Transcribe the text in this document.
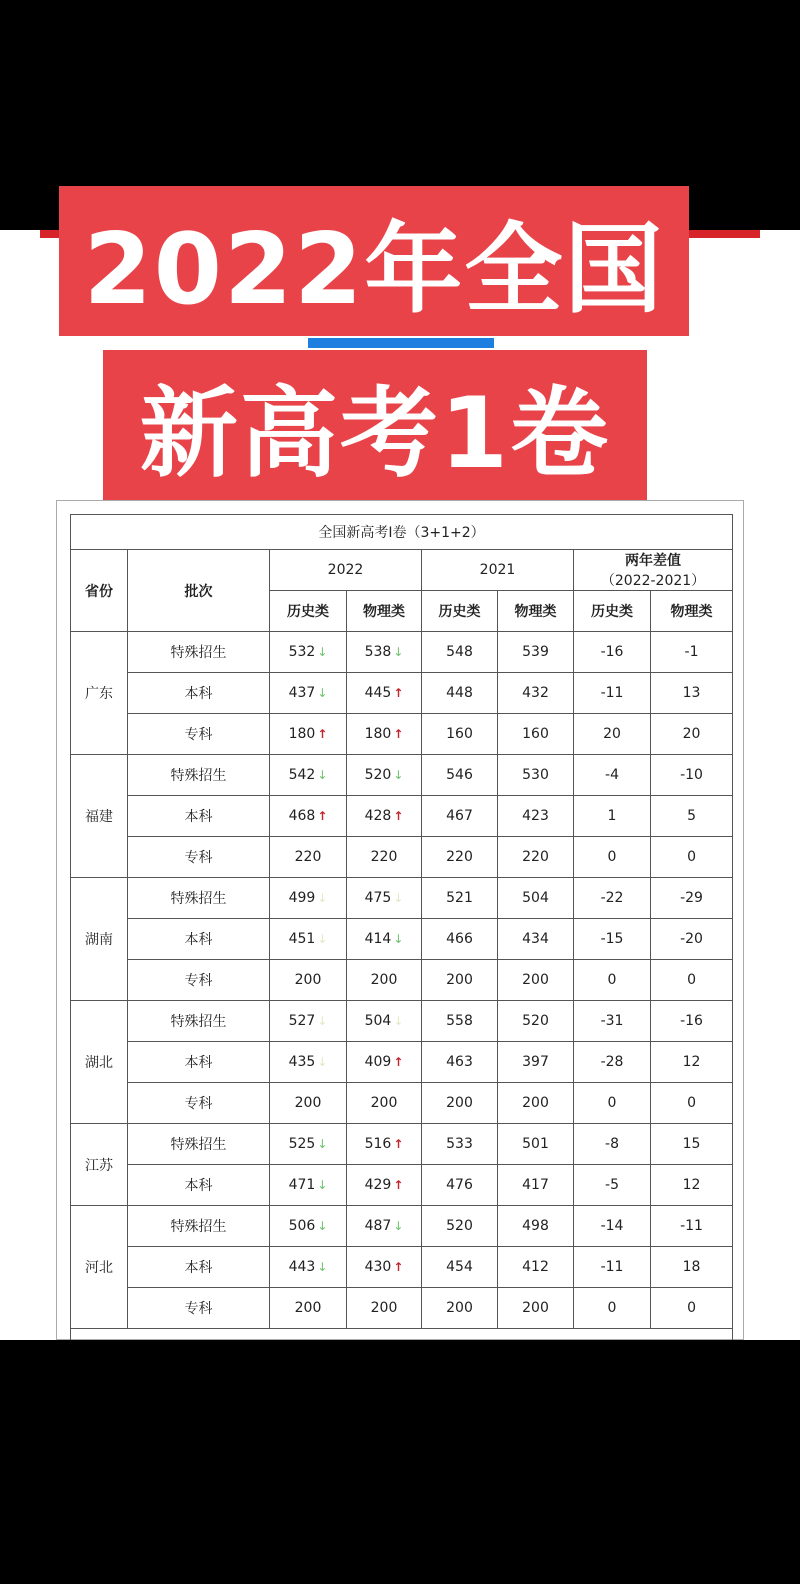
2022年全国
新高考1卷
全国新高考Ⅰ卷（3+1+2）							
省份	批次	2022		2021		两年差值
（2022-2021）	

		历史类	物理类	历史类	物理类	历史类	物理类
广东	特殊招生	532 ↓	538 ↓	548	539	-16	-1
	本科	437 ↓	445 ↑	448	432	-11	13
	专科	180 ↑	180 ↑	160	160	20	20
福建	特殊招生	542 ↓	520 ↓	546	530	-4	-10
	本科	468 ↑	428 ↑	467	423	1	5
	专科	220	220	220	220	0	0
湖南	特殊招生	499 ↓	475 ↓	521	504	-22	-29
	本科	451 ↓	414 ↓	466	434	-15	-20
	专科	200	200	200	200	0	0
湖北	特殊招生	527 ↓	504 ↓	558	520	-31	-16
	本科	435 ↓	409 ↑	463	397	-28	12
	专科	200	200	200	200	0	0
江苏	特殊招生	525 ↓	516 ↑	533	501	-8	15
	本科	471 ↓	429 ↑	476	417	-5	12
河北	特殊招生	506 ↓	487 ↓	520	498	-14	-11
	本科	443 ↓	430 ↑	454	412	-11	18
	专科	200	200	200	200	0	0
